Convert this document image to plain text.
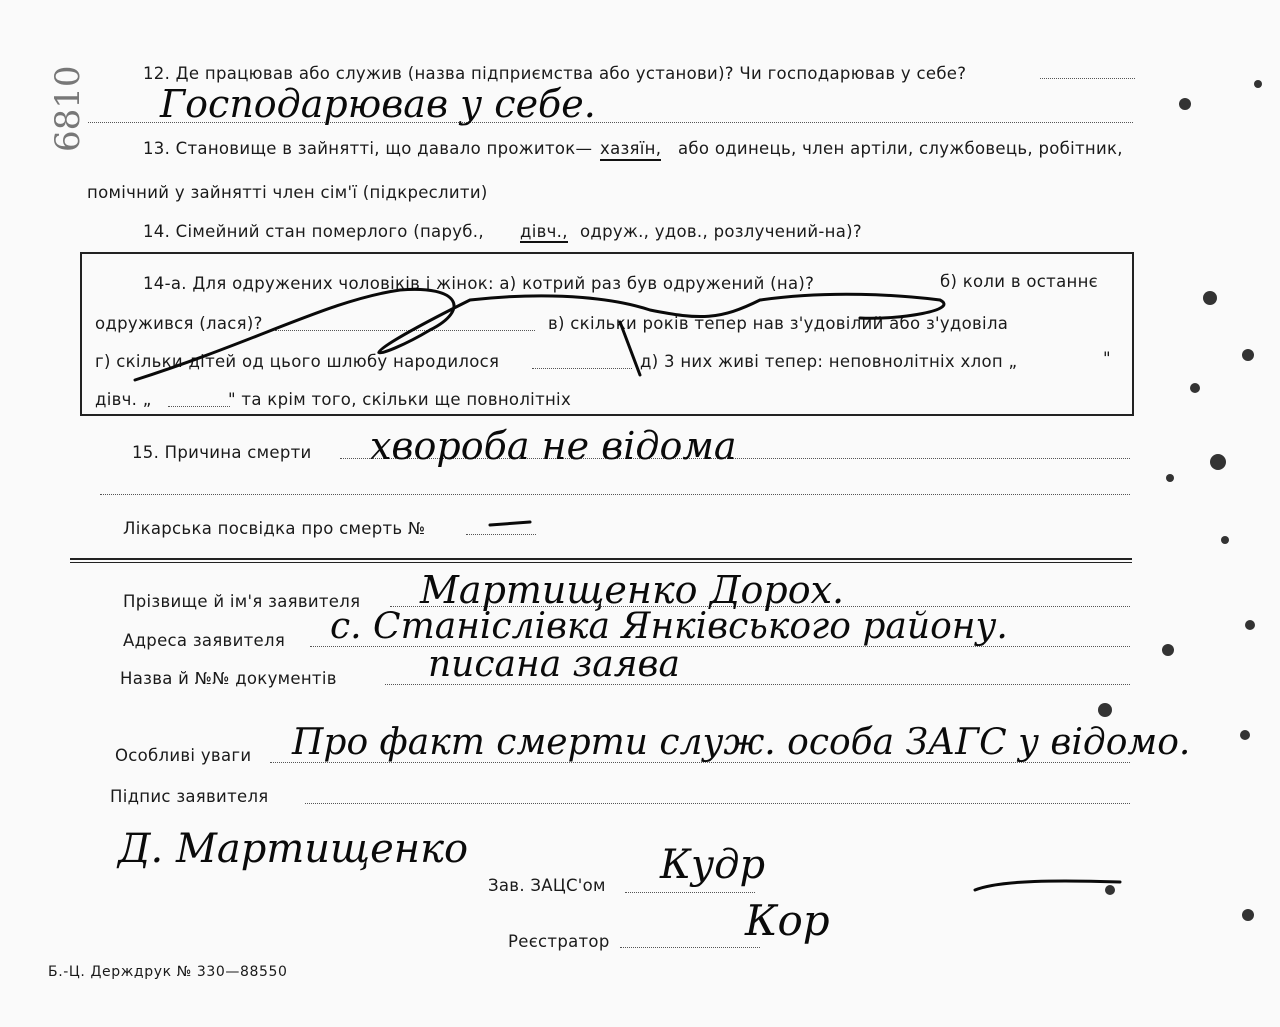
6810	12. Де працював або служив (назва підприємства або установи)? Чи господарював у себе?
Господарював у себе.
13. Становище в зайнятті, що давало прожиток— хазяїн, або одинець, член артіли, службовець, робітник,
помічний у зайнятті член сім'ї (підкреслити)
14. Сімейний стан померлого (паруб., дівч., одруж., удов., розлучений-на)?
14-а. Для одружених чоловіків і жінок: а) котрий раз був одружений (на)?	б) коли в останнє
одружився (лася)?	в) скільки років тепер нав з'удовілий або з'удовіла
г) скільки дітей од цього шлюбу народилося	д) 3 них живі тепер: неповнолітніх хлоп „	"
дівч. „	" та крім того, скільки ще повнолітніх
15. Причина смерти хвороба не відома
Лікарська посвідка про смерть №
Прізвище й ім'я заявителя Мартищенко Дорох.
Адреса заявителя с. Станіслівка Янківського району.
Назва й №№ документів	писана заява
Особливі уваги Про факт смерти служ. особа ЗАГС у відомо.
Підпис заявителя
Д. Мартищенко
Зав. ЗАЦС'ом Кудр
Реєстратор	Кор
Б.-Ц. Держдрук № 330—88550
